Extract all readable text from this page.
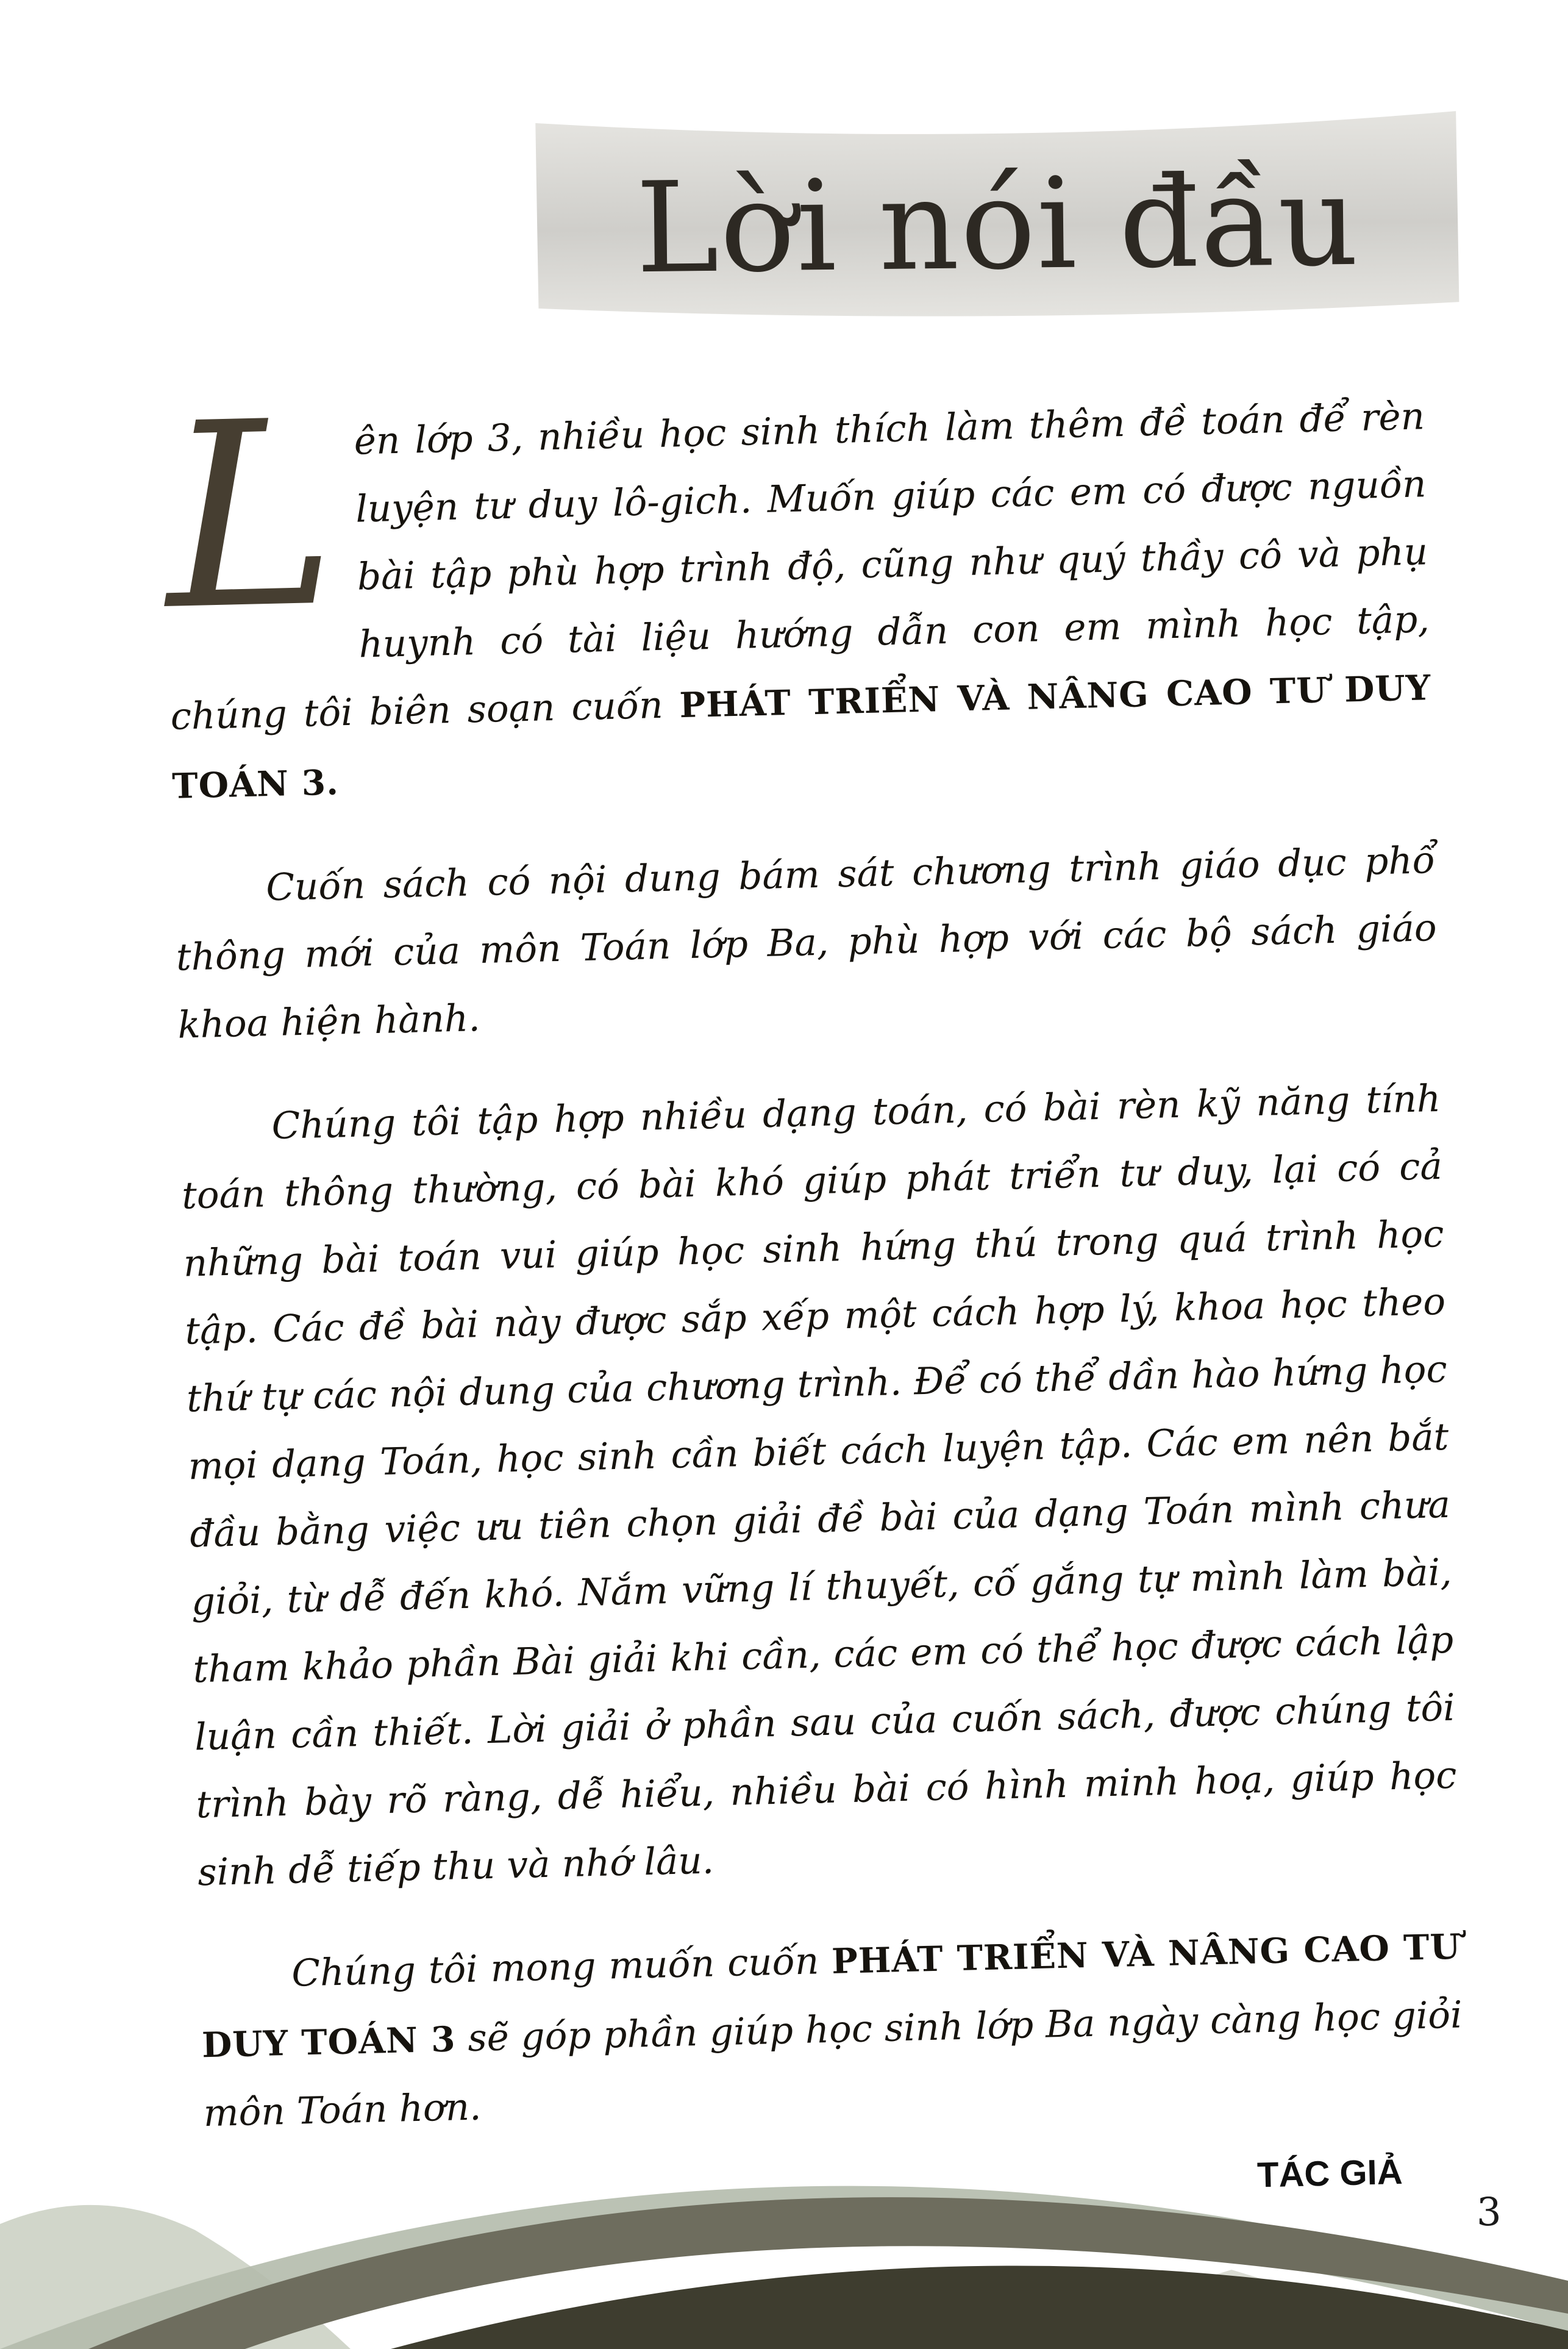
Lời nói đầu

Lên lớp 3, nhiều học sinh thích làm thêm đề toán để rèn luyện tư duy lô-gich. Muốn giúp các em có được nguồn bài tập phù hợp trình độ, cũng như quý thầy cô và phụ huynh có tài liệu hướng dẫn con em mình học tập, chúng tôi biên soạn cuốn PHÁT TRIỂN VÀ NÂNG CAO TƯ DUY TOÁN 3.

Cuốn sách có nội dung bám sát chương trình giáo dục phổ thông mới của môn Toán lớp Ba, phù hợp với các bộ sách giáo khoa hiện hành.

Chúng tôi tập hợp nhiều dạng toán, có bài rèn kỹ năng tính toán thông thường, có bài khó giúp phát triển tư duy, lại có cả những bài toán vui giúp học sinh hứng thú trong quá trình học tập. Các đề bài này được sắp xếp một cách hợp lý, khoa học theo thứ tự các nội dung của chương trình. Để có thể dần hào hứng học mọi dạng Toán, học sinh cần biết cách luyện tập. Các em nên bắt đầu bằng việc ưu tiên chọn giải đề bài của dạng Toán mình chưa giỏi, từ dễ đến khó. Nắm vững lí thuyết, cố gắng tự mình làm bài, tham khảo phần Bài giải khi cần, các em có thể học được cách lập luận cần thiết. Lời giải ở phần sau của cuốn sách, được chúng tôi trình bày rõ ràng, dễ hiểu, nhiều bài có hình minh hoạ, giúp học sinh dễ tiếp thu và nhớ lâu.

Chúng tôi mong muốn cuốn PHÁT TRIỂN VÀ NÂNG CAO TƯ DUY TOÁN 3 sẽ góp phần giúp học sinh lớp Ba ngày càng học giỏi môn Toán hơn.

TÁC GIẢ
3
